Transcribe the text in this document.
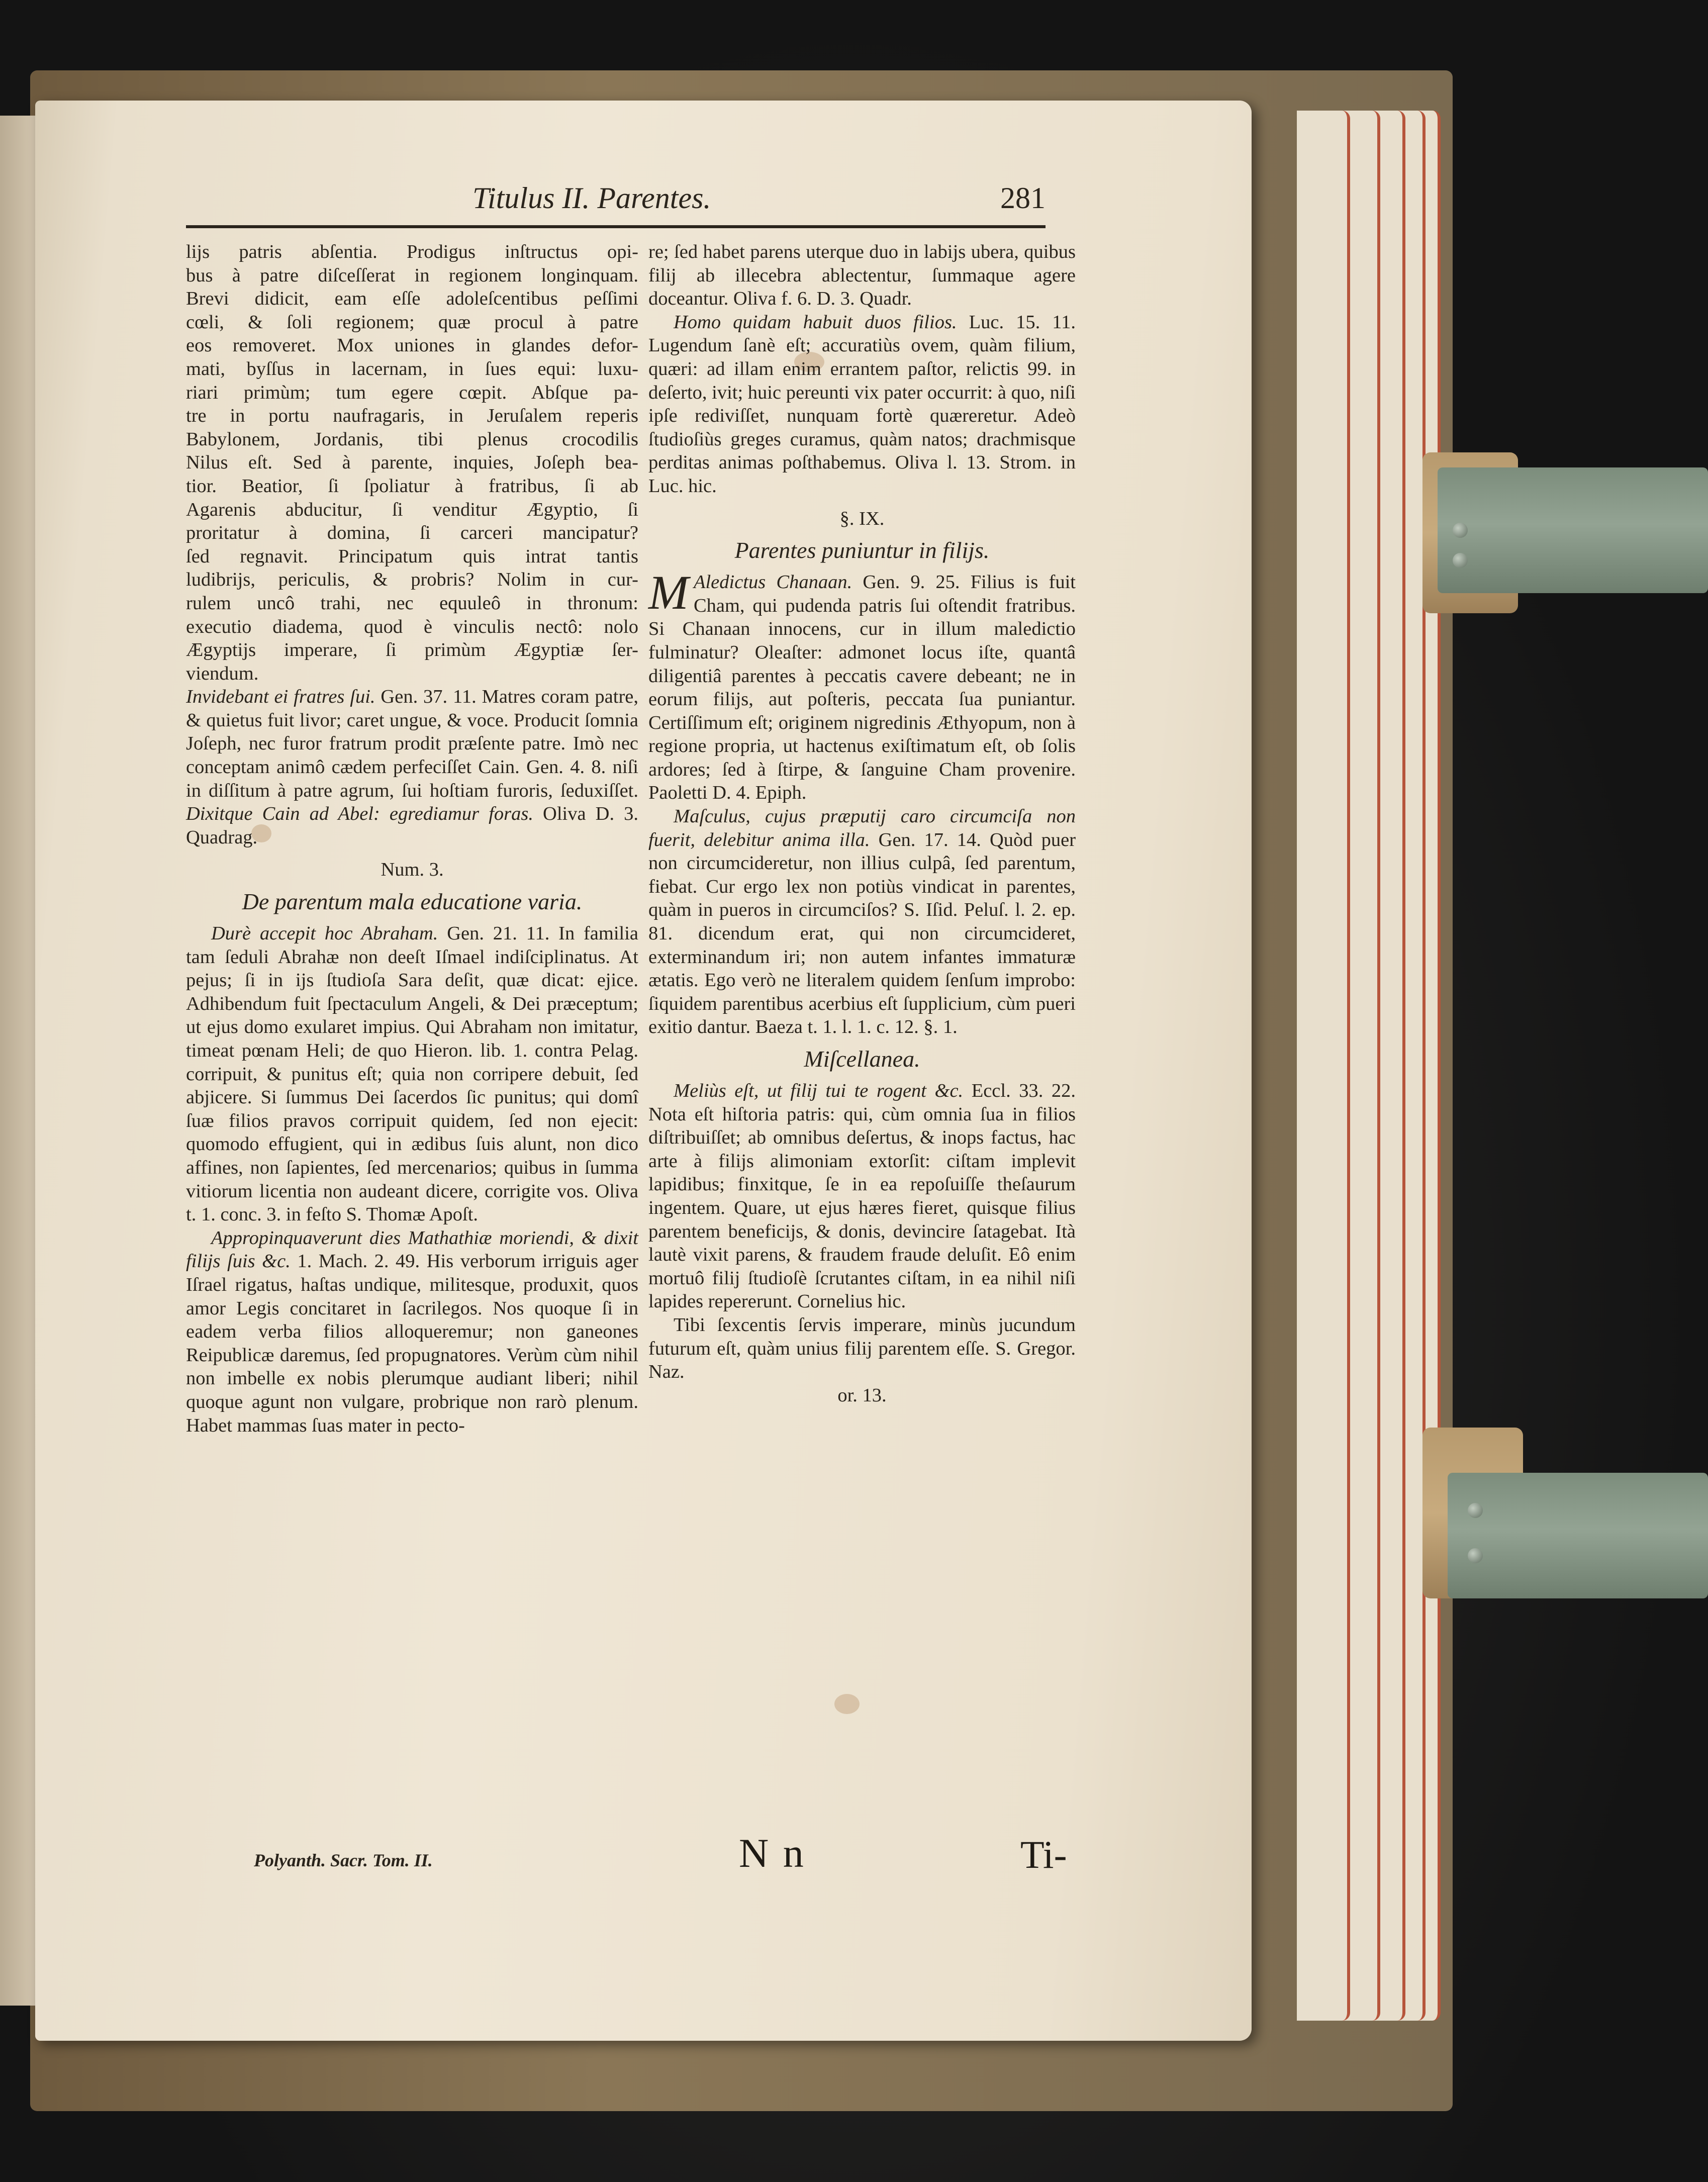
Titulus II. Parentes.	281
lijs patris abſentia. Prodigus inſtructus opi-
bus à patre diſceſſerat in regionem longinquam.
Brevi didicit, eam eſſe adoleſcentibus peſſimi
cœli, & ſoli regionem; quæ procul à patre
eos removeret. Mox uniones in glandes defor-
mati, byſſus in lacernam, in ſues equi: luxu-
riari primùm; tum egere cœpit. Abſque pa-
tre in portu naufragaris, in Jeruſalem reperis
Babylonem, Jordanis, tibi plenus crocodilis
Nilus eſt. Sed à parente, inquies, Joſeph bea-
tior. Beatior, ſi ſpoliatur à fratribus, ſi ab
Agarenis abducitur, ſi venditur Ægyptio, ſi
proritatur à domina, ſi carceri mancipatur?
ſed regnavit. Principatum quis intrat tantis
ludibrijs, periculis, & probris? Nolim in cur-
rulem uncô trahi, nec equuleô in thronum:
executio diadema, quod è vinculis nectô: nolo
Ægyptijs imperare, ſi primùm Ægyptiæ ſer-
viendum.

Invidebant ei fratres ſui. Gen. 37. 11. Matres coram patre, & quietus fuit livor; caret ungue, & voce. Producit ſomnia Joſeph, nec furor fratrum prodit præſente patre. Imò nec conceptam animô cædem perfeciſſet Cain. Gen. 4. 8. niſi in diſſitum à patre agrum, ſui hoſtiam furoris, ſeduxiſſet. Dixitque Cain ad Abel: egrediamur foras. Oliva D. 3. Quadrag.

Num. 3.

De parentum mala educatione varia.

Durè accepit hoc Abraham. Gen. 21. 11. In familia tam ſeduli Abrahæ non deeſt Iſmael indiſciplinatus. At pejus; ſi in ijs ſtudioſa Sara deſit, quæ dicat: ejice. Adhibendum fuit ſpectaculum Angeli, & Dei præceptum; ut ejus domo exularet impius. Qui Abraham non imitatur, timeat pœnam Heli; de quo Hieron. lib. 1. contra Pelag. corripuit, & punitus eſt; quia non corripere debuit, ſed abjicere. Si ſummus Dei ſacerdos ſic punitus; qui domî ſuæ filios pravos corripuit quidem, ſed non ejecit: quomodo effugient, qui in ædibus ſuis alunt, non dico affines, non ſapientes, ſed mercenarios; quibus in ſumma vitiorum licentia non audeant dicere, corrigite vos. Oliva t. 1. conc. 3. in feſto S. Thomæ Apoſt.

Appropinquaverunt dies Mathathiæ moriendi, & dixit filijs ſuis &c. 1. Mach. 2. 49. His verborum irriguis ager Iſrael rigatus, haſtas undique, militesque, produxit, quos amor Legis concitaret in ſacrilegos. Nos quoque ſi in eadem verba filios alloqueremur; non ganeones Reipublicæ daremus, ſed propugnatores. Verùm cùm nihil non imbelle ex nobis plerumque audiant liberi; nihil quoque agunt non vulgare, probrique non rarò plenum. Habet mammas ſuas mater in pecto-

re; ſed habet parens uterque duo in labijs ubera, quibus filij ab illecebra ablectentur, ſummaque agere doceantur. Oliva f. 6. D. 3. Quadr.

Homo quidam habuit duos filios. Luc. 15. 11. Lugendum ſanè eſt; accuratiùs ovem, quàm filium, quæri: ad illam enim errantem paſtor, relictis 99. in deſerto, ivit; huic pereunti vix pater occurrit: à quo, niſi ipſe rediviſſet, nunquam fortè quæreretur. Adeò ſtudioſiùs greges curamus, quàm natos; drachmisque perditas animas poſthabemus. Oliva l. 13. Strom. in Luc. hic.

§. IX.

Parentes puniuntur in filijs.

M Aledictus Chanaan. Gen. 9. 25. Filius is fuit Cham, qui pudenda patris ſui oſtendit fratribus. Si Chanaan innocens, cur in illum maledictio fulminatur? Oleaſter: admonet locus iſte, quantâ diligentiâ parentes à peccatis cavere debeant; ne in eorum filijs, aut poſteris, peccata ſua puniantur. Certiſſimum eſt; originem nigredinis Æthyopum, non à regione propria, ut hactenus exiſtimatum eſt, ob ſolis ardores; ſed à ſtirpe, & ſanguine Cham provenire. Paoletti D. 4. Epiph.

Maſculus, cujus præputij caro circumciſa non fuerit, delebitur anima illa. Gen. 17. 14. Quòd puer non circumcideretur, non illius culpâ, ſed parentum, fiebat. Cur ergo lex non potiùs vindicat in parentes, quàm in pueros in circumciſos? S. Iſid. Peluſ. l. 2. ep. 81. dicendum erat, qui non circumcideret, exterminandum iri; non autem infantes immaturæ ætatis. Ego verò ne literalem quidem ſenſum improbo: ſiquidem parentibus acerbius eſt ſupplicium, cùm pueri exitio dantur. Baeza t. 1. l. 1. c. 12. §. 1.

Miſcellanea.

Meliùs eſt, ut filij tui te rogent &c. Eccl. 33. 22. Nota eſt hiſtoria patris: qui, cùm omnia ſua in filios diſtribuiſſet; ab omnibus deſertus, & inops factus, hac arte à filijs alimoniam extorſit: ciſtam implevit lapidibus; finxitque, ſe in ea repoſuiſſe theſaurum ingentem. Quare, ut ejus hæres fieret, quisque filius parentem beneficijs, & donis, devincire ſatagebat. Ità lautè vixit parens, & fraudem fraude deluſit. Eô enim mortuô filij ſtudioſè ſcrutantes ciſtam, in ea nihil niſi lapides repererunt. Cornelius hic.

Tibi ſexcentis ſervis imperare, minùs jucundum futurum eſt, quàm unius filij parentem eſſe. S. Gregor. Naz.

or. 13.

Polyanth. Sacr. Tom. II.	N n	Ti-
